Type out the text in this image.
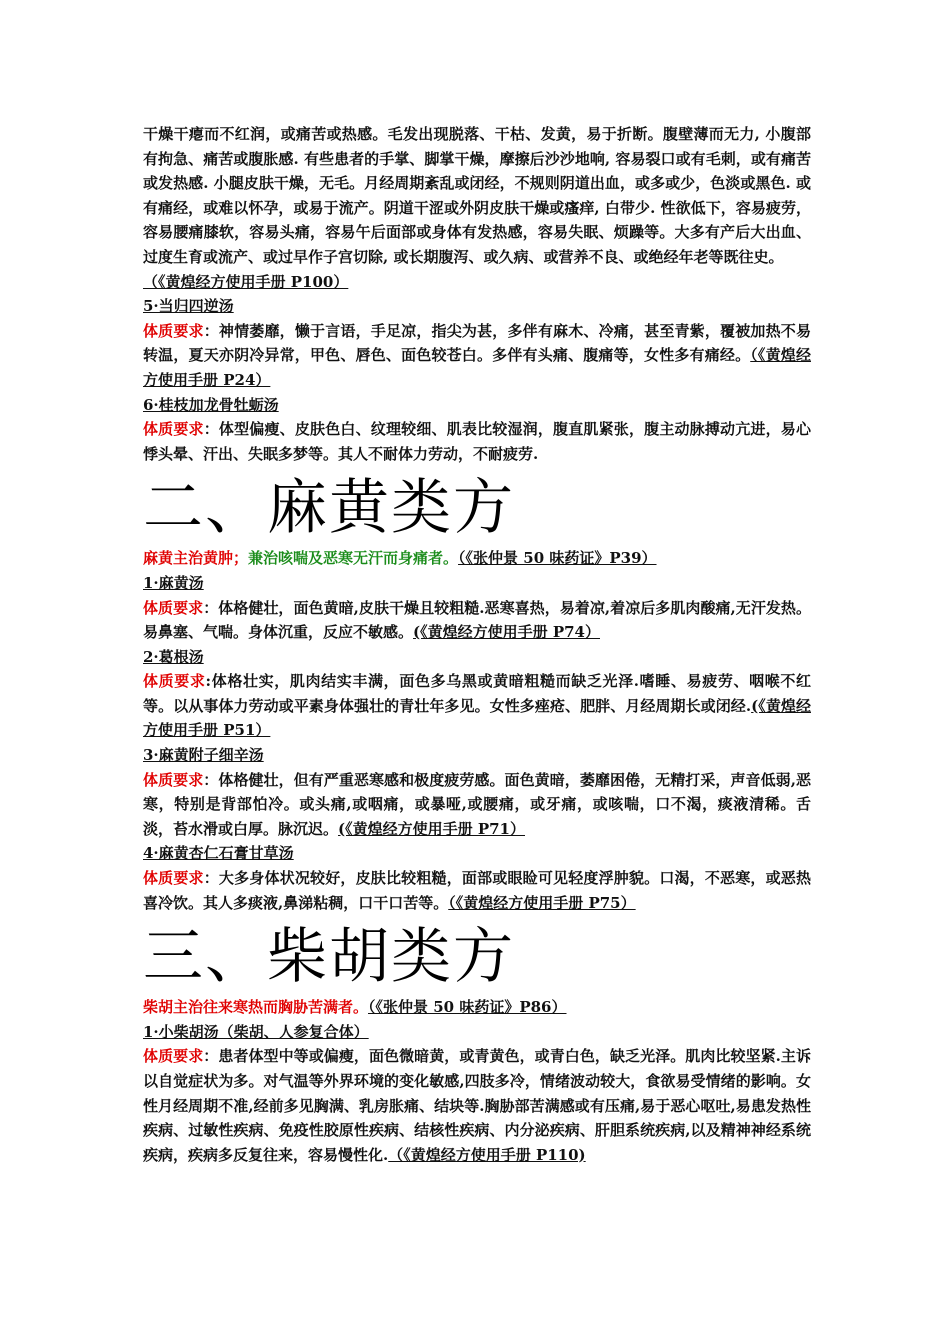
干燥干瘪而不红润，或痛苦或热感。毛发出现脱落、干枯、发黄，易于折断。腹壁薄而无力, 小腹部有拘急、痛苦或腹胀感. 有些患者的手掌、脚掌干燥，摩擦后沙沙地响, 容易裂口或有毛刺，或有痛苦或发热感. 小腿皮肤干燥，无毛。月经周期紊乱或闭经，不规则阴道出血，或多或少，色淡或黑色. 或有痛经，或难以怀孕，或易于流产。阴道干涩或外阴皮肤干燥或瘙痒, 白带少. 性欲低下，容易疲劳，容易腰痛膝软，容易头痛，容易午后面部或身体有发热感，容易失眠、烦躁等。大多有产后大出血、过度生育或流产、或过早作子宫切除, 或长期腹泻、或久病、或营养不良、或绝经年老等既往史。

（《黄煌经方使用手册 P100）

5·当归四逆汤

体质要求：神情萎靡，懒于言语，手足凉，指尖为甚，多伴有麻木、冷痛，甚至青紫，覆被加热不易转温，夏天亦阴冷异常，甲色、唇色、面色较苍白。多伴有头痛、腹痛等，女性多有痛经。（《黄煌经方使用手册 P24）

6·桂枝加龙骨牡蛎汤

体质要求：体型偏瘦、皮肤色白、纹理较细、肌表比较湿润，腹直肌紧张，腹主动脉搏动亢进，易心悸头晕、汗出、失眠多梦等。其人不耐体力劳动，不耐疲劳.

二、麻黄类方

麻黄主治黄肿；兼治咳喘及恶寒无汗而身痛者。（《张仲景 50 味药证》P39）

1·麻黄汤

体质要求：体格健壮，面色黄暗,皮肤干燥且较粗糙.恶寒喜热，易着凉,着凉后多肌肉酸痛,无汗发热。易鼻塞、气喘。身体沉重，反应不敏感。(《黄煌经方使用手册 P74）

2·葛根汤

体质要求:体格壮实，肌肉结实丰满，面色多乌黑或黄暗粗糙而缺乏光泽.嗜睡、易疲劳、咽喉不红等。以从事体力劳动或平素身体强壮的青壮年多见。女性多痤疮、肥胖、月经周期长或闭经.(《黄煌经方使用手册 P51）

3·麻黄附子细辛汤

体质要求：体格健壮，但有严重恶寒感和极度疲劳感。面色黄暗，萎靡困倦，无精打采，声音低弱,恶寒，特别是背部怕冷。或头痛,或咽痛，或暴哑,或腰痛，或牙痛，或咳喘，口不渴，痰液清稀。舌淡，苔水滑或白厚。脉沉迟。(《黄煌经方使用手册 P71）

4·麻黄杏仁石膏甘草汤

体质要求：大多身体状况较好，皮肤比较粗糙，面部或眼睑可见轻度浮肿貌。口渴，不恶寒，或恶热喜冷饮。其人多痰液,鼻涕粘稠，口干口苦等。（《黄煌经方使用手册 P75）

三、柴胡类方

柴胡主治往来寒热而胸胁苦满者。（《张仲景 50 味药证》P86）

1·小柴胡汤（柴胡、人参复合体）

体质要求：患者体型中等或偏瘦，面色微暗黄，或青黄色，或青白色，缺乏光泽。肌肉比较坚紧.主诉以自觉症状为多。对气温等外界环境的变化敏感,四肢多冷，情绪波动较大，食欲易受情绪的影响。女性月经周期不准,经前多见胸满、乳房胀痛、结块等.胸胁部苦满感或有压痛,易于恶心呕吐,易患发热性疾病、过敏性疾病、免疫性胶原性疾病、结核性疾病、内分泌疾病、肝胆系统疾病,以及精神神经系统疾病，疾病多反复往来，容易慢性化.（《黄煌经方使用手册 P110)
